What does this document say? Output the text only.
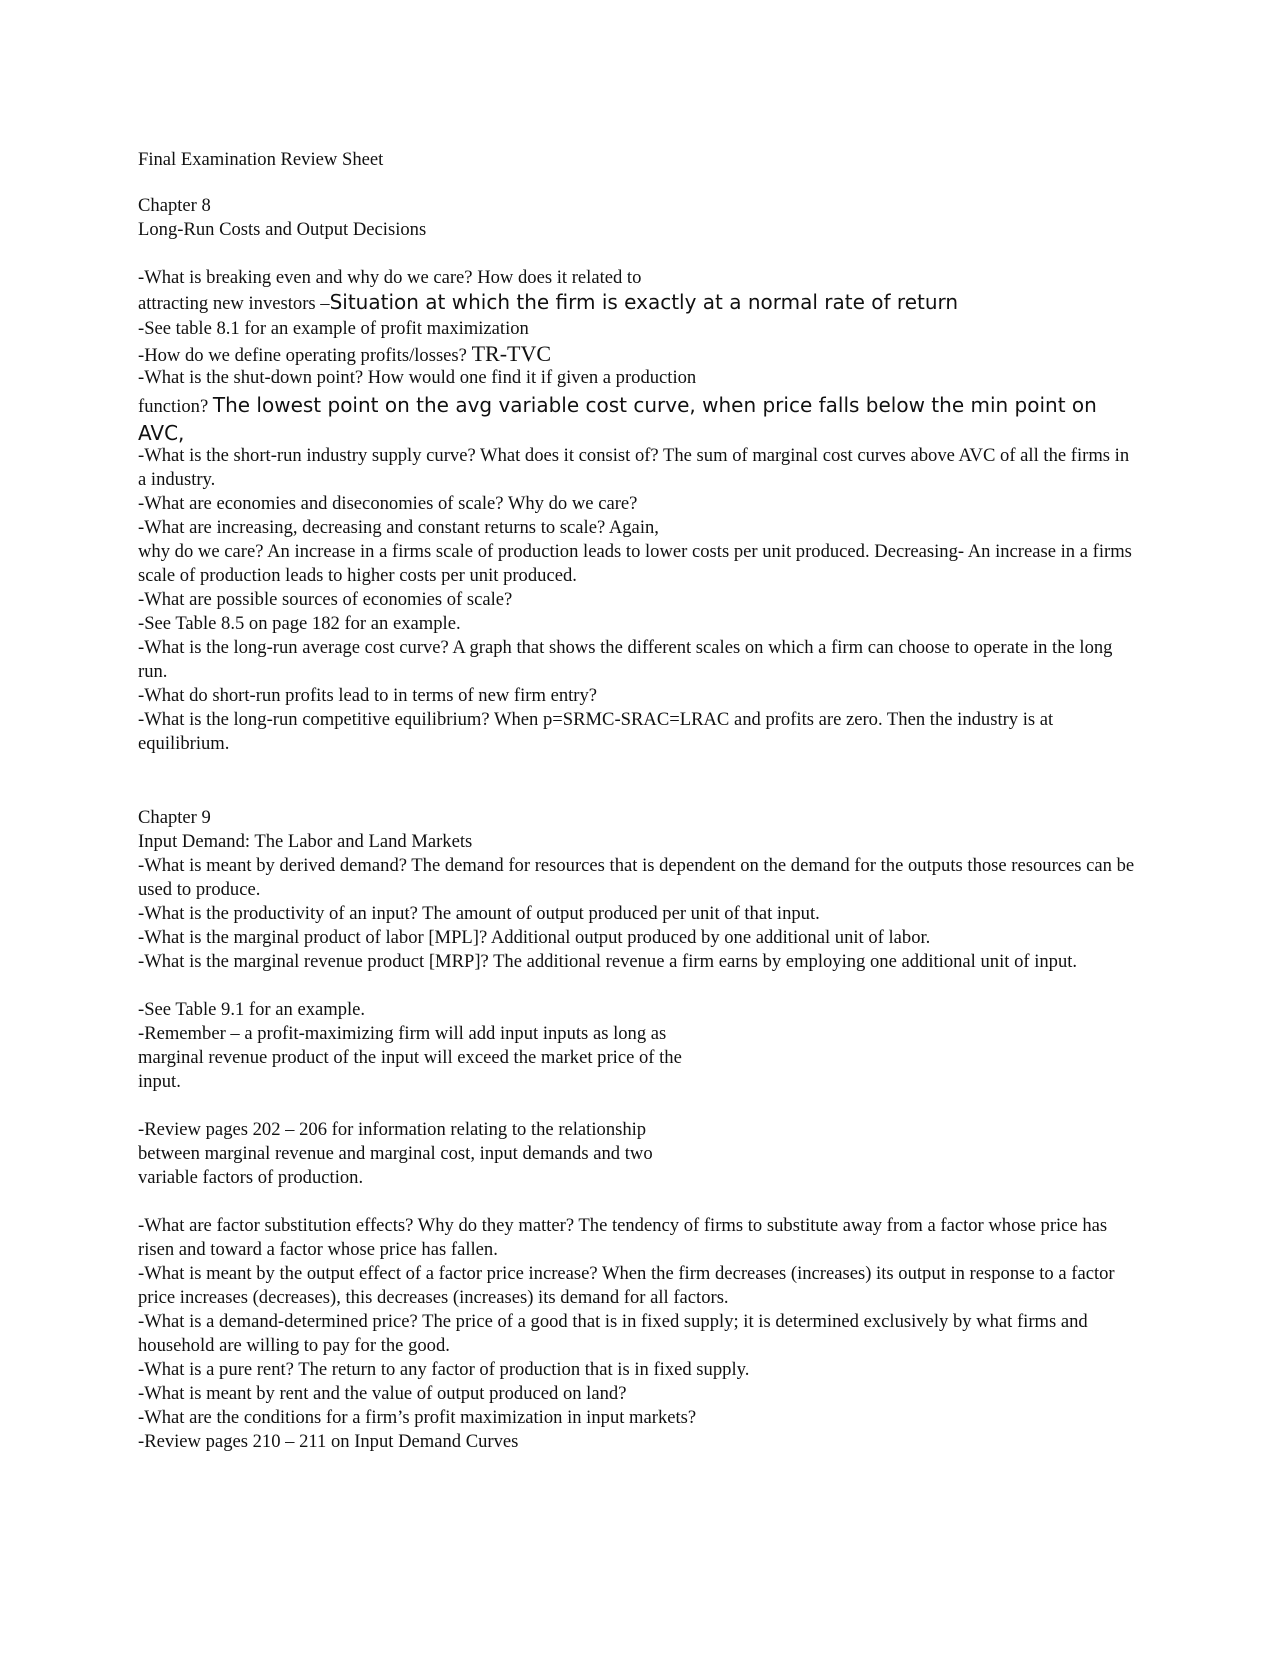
Final Examination Review Sheet
Chapter 8
Long-Run Costs and Output Decisions
-What is breaking even and why do we care? How does it related to
attracting new investors –Situation at which the firm is exactly at a normal rate of return
-See table 8.1 for an example of profit maximization
-How do we define operating profits/losses? TR-TVC
-What is the shut-down point? How would one find it if given a production
function? The lowest point on the avg variable cost curve, when price falls below the min point on AVC,
-What is the short-run industry supply curve? What does it consist of? The sum of marginal cost curves above AVC of all the firms in a industry.
-What are economies and diseconomies of scale? Why do we care?
-What are increasing, decreasing and constant returns to scale? Again,
why do we care? An increase in a firms scale of production leads to lower costs per unit produced. Decreasing- An increase in a firms scale of production leads to higher costs per unit produced.
-What are possible sources of economies of scale?
-See Table 8.5 on page 182 for an example.
-What is the long-run average cost curve? A graph that shows the different scales on which a firm can choose to operate in the long run.
-What do short-run profits lead to in terms of new firm entry?
-What is the long-run competitive equilibrium? When p=SRMC-SRAC=LRAC and profits are zero. Then the industry is at equilibrium.
Chapter 9
Input Demand: The Labor and Land Markets
-What is meant by derived demand? The demand for resources that is dependent on the demand for the outputs those resources can be used to produce.
-What is the productivity of an input? The amount of output produced per unit of that input.
-What is the marginal product of labor [MPL]? Additional output produced by one additional unit of labor.
-What is the marginal revenue product [MRP]? The additional revenue a firm earns by employing one additional unit of input.
-See Table 9.1 for an example.
-Remember – a profit-maximizing firm will add input inputs as long as
marginal revenue product of the input will exceed the market price of the
input.
-Review pages 202 – 206 for information relating to the relationship
between marginal revenue and marginal cost, input demands and two
variable factors of production.
-What are factor substitution effects? Why do they matter? The tendency of firms to substitute away from a factor whose price has risen and toward a factor whose price has fallen.
-What is meant by the output effect of a factor price increase? When the firm decreases (increases) its output in response to a factor price increases (decreases), this decreases (increases) its demand for all factors.
-What is a demand-determined price? The price of a good that is in fixed supply; it is determined exclusively by what firms and household are willing to pay for the good.
-What is a pure rent? The return to any factor of production that is in fixed supply.
-What is meant by rent and the value of output produced on land?
-What are the conditions for a firm’s profit maximization in input markets?
-Review pages 210 – 211 on Input Demand Curves
